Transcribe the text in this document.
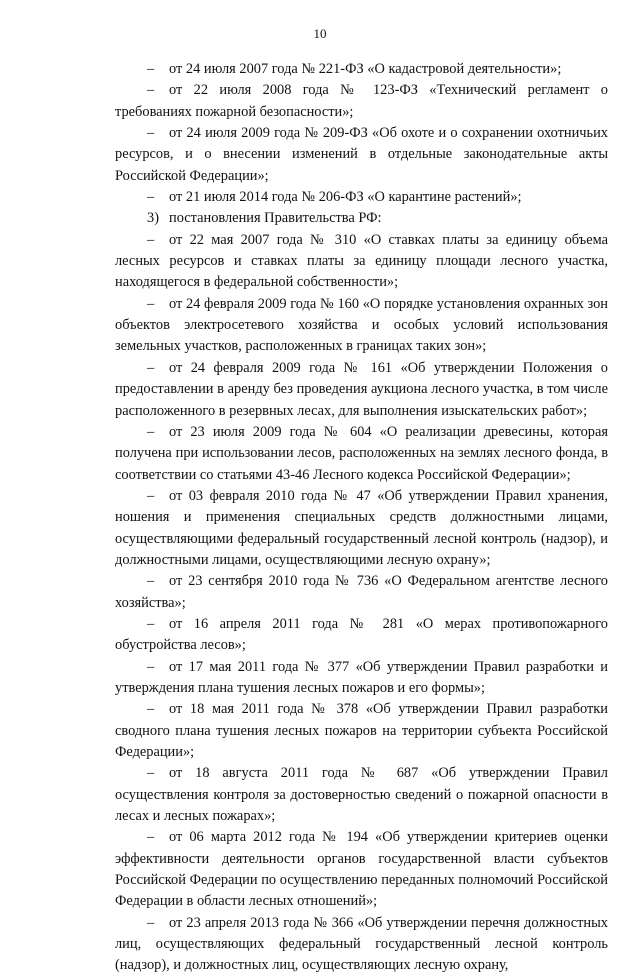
10

– от 24 июля 2007 года № 221-ФЗ «О кадастровой деятельности»;

– от 22 июля 2008 года № 123-ФЗ «Технический регламент о требованиях пожарной безопасности»;

– от 24 июля 2009 года № 209-ФЗ «Об охоте и о сохранении охотничьих ресурсов, и о внесении изменений в отдельные законодательные акты Российской Федерации»;

– от 21 июля 2014 года № 206-ФЗ «О карантине растений»;

3) постановления Правительства РФ:

– от 22 мая 2007 года № 310 «О ставках платы за единицу объема лесных ресурсов и ставках платы за единицу площади лесного участка, находящегося в федеральной собственности»;

– от 24 февраля 2009 года № 160 «О порядке установления охранных зон объектов электросетевого хозяйства и особых условий использования земельных участков, расположенных в границах таких зон»;

– от 24 февраля 2009 года № 161 «Об утверждении Положения о предоставлении в аренду без проведения аукциона лесного участка, в том числе расположенного в резервных лесах, для выполнения изыскательских работ»;

– от 23 июля 2009 года № 604 «О реализации древесины, которая получена при использовании лесов, расположенных на землях лесного фонда, в соответствии со статьями 43-46 Лесного кодекса Российской Федерации»;

– от 03 февраля 2010 года № 47 «Об утверждении Правил хранения, ношения и применения специальных средств должностными лицами, осуществляющими федеральный государственный лесной контроль (надзор), и должностными лицами, осуществляющими лесную охрану»;

– от 23 сентября 2010 года № 736 «О Федеральном агентстве лесного хозяйства»;

– от 16 апреля 2011 года № 281 «О мерах противопожарного обустройства лесов»;

– от 17 мая 2011 года № 377 «Об утверждении Правил разработки и утверждения плана тушения лесных пожаров и его формы»;

– от 18 мая 2011 года № 378 «Об утверждении Правил разработки сводного плана тушения лесных пожаров на территории субъекта Российской Федерации»;

– от 18 августа 2011 года № 687 «Об утверждении Правил осуществления контроля за достоверностью сведений о пожарной опасности в лесах и лесных пожарах»;

– от 06 марта 2012 года № 194 «Об утверждении критериев оценки эффективности деятельности органов государственной власти субъектов Российской Федерации по осуществлению переданных полномочий Российской Федерации в области лесных отношений»;

– от 23 апреля 2013 года № 366 «Об утверждении перечня должностных лиц, осуществляющих федеральный государственный лесной контроль (надзор), и должностных лиц, осуществляющих лесную охрану,
